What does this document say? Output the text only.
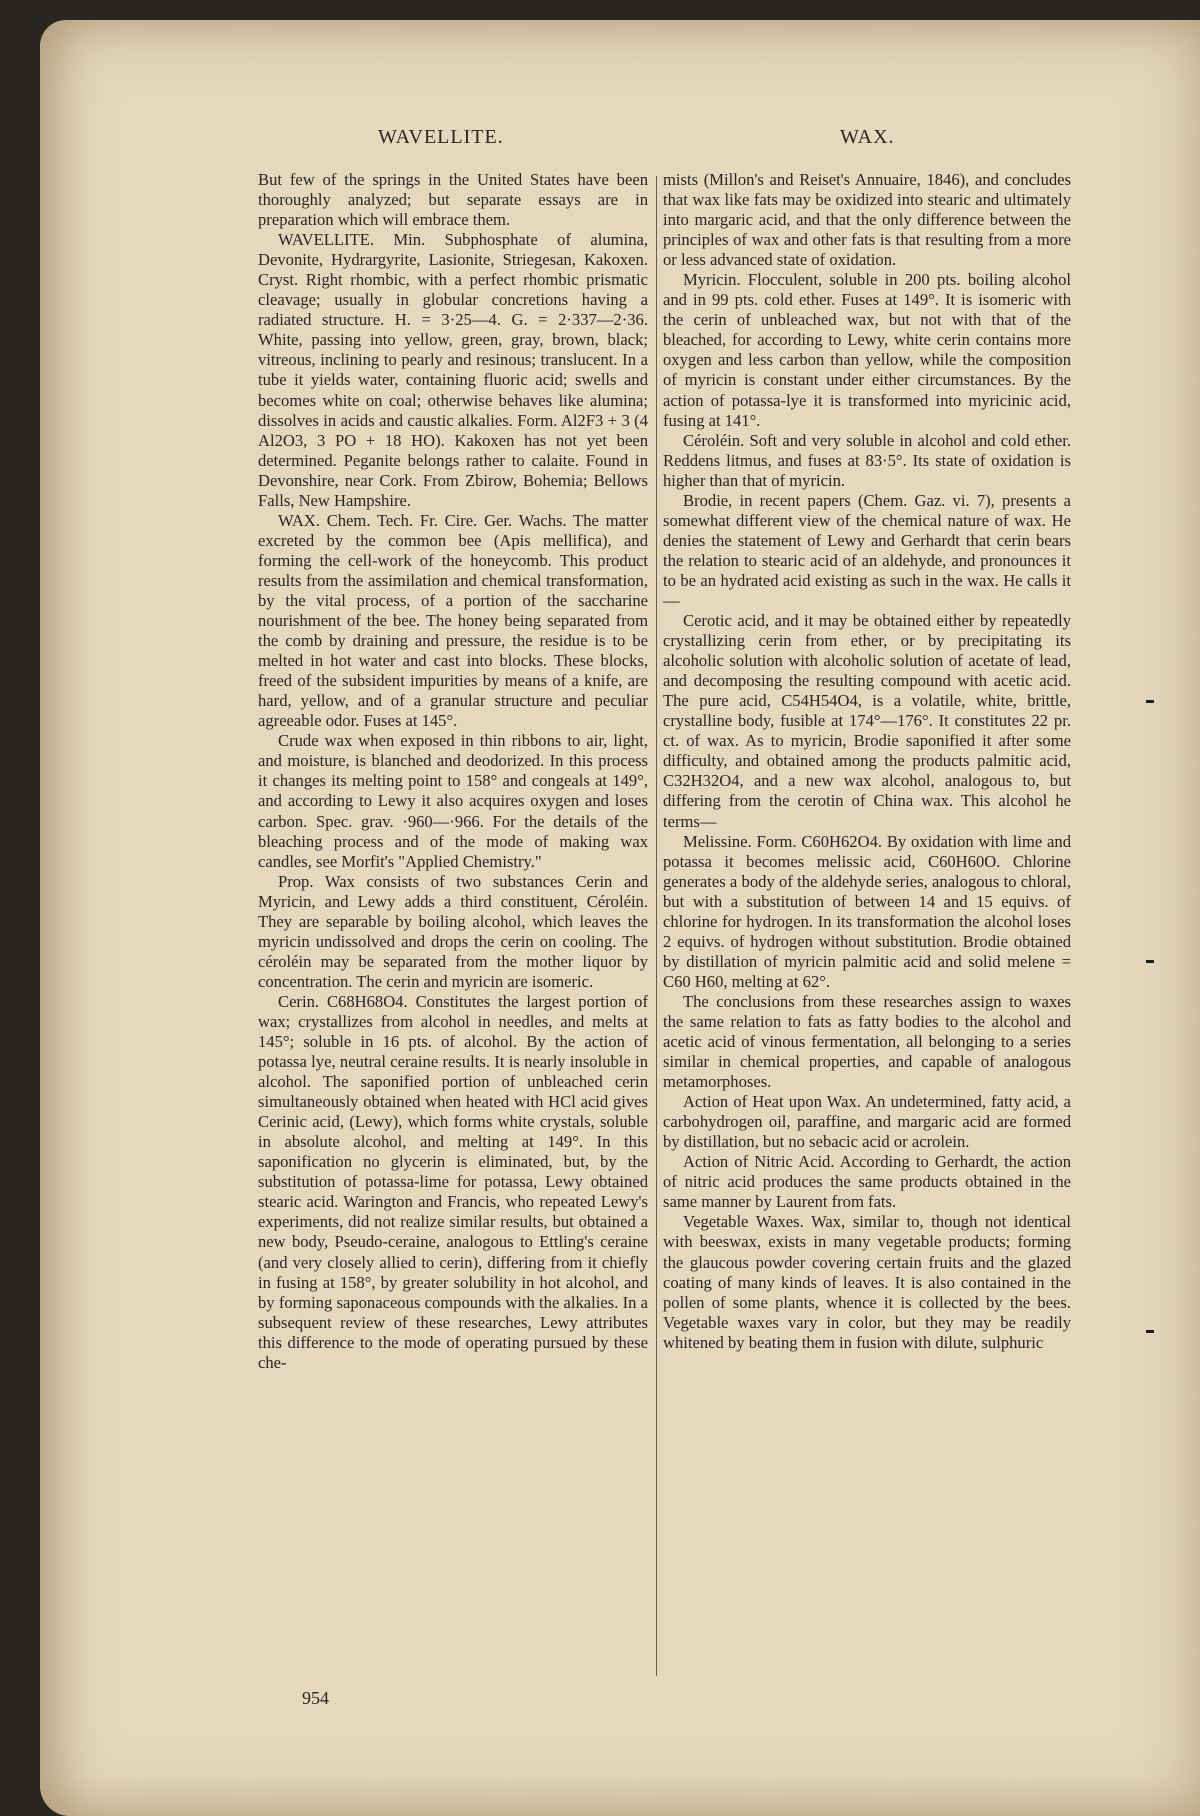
WAVELLITE.	WAX.

But few of the springs in the United States have been thoroughly analyzed; but separate essays are in preparation which will embrace them.

WAVELLITE. Min. Subphosphate of alumina, Devonite, Hydrargyrite, Lasionite, Striegesan, Kakoxen. Cryst. Right rhombic, with a perfect rhombic prismatic cleavage; usually in globular concretions having a radiated structure. H. = 3·25—4. G. = 2·337—2·36. White, passing into yellow, green, gray, brown, black; vitreous, inclining to pearly and resinous; translucent. In a tube it yields water, containing fluoric acid; swells and becomes white on coal; otherwise behaves like alumina; dissolves in acids and caustic alkalies. Form. Al2F3 + 3 (4 Al2O3, 3 PO + 18 HO). Kakoxen has not yet been determined. Peganite belongs rather to calaite. Found in Devonshire, near Cork. From Zbirow, Bohemia; Bellows Falls, New Hampshire.

WAX. Chem. Tech. Fr. Cire. Ger. Wachs. The matter excreted by the common bee (Apis mellifica), and forming the cell-work of the honeycomb. This product results from the assimilation and chemical transformation, by the vital process, of a portion of the saccharine nourishment of the bee. The honey being separated from the comb by draining and pressure, the residue is to be melted in hot water and cast into blocks. These blocks, freed of the subsident impurities by means of a knife, are hard, yellow, and of a granular structure and peculiar agreeable odor. Fuses at 145°.

Crude wax when exposed in thin ribbons to air, light, and moisture, is blanched and deodorized. In this process it changes its melting point to 158° and congeals at 149°, and according to Lewy it also acquires oxygen and loses carbon. Spec. grav. ·960—·966. For the details of the bleaching process and of the mode of making wax candles, see Morfit's "Applied Chemistry."

Prop. Wax consists of two substances Cerin and Myricin, and Lewy adds a third constituent, Céroléin. They are separable by boiling alcohol, which leaves the myricin undissolved and drops the cerin on cooling. The céroléin may be separated from the mother liquor by concentration. The cerin and myricin are isomeric.

Cerin. C68H68O4. Constitutes the largest portion of wax; crystallizes from alcohol in needles, and melts at 145°; soluble in 16 pts. of alcohol. By the action of potassa lye, neutral ceraine results. It is nearly insoluble in alcohol. The saponified portion of unbleached cerin simultaneously obtained when heated with HCl acid gives Cerinic acid, (Lewy), which forms white crystals, soluble in absolute alcohol, and melting at 149°. In this saponification no glycerin is eliminated, but, by the substitution of potassa-lime for potassa, Lewy obtained stearic acid. Warington and Francis, who repeated Lewy's experiments, did not realize similar results, but obtained a new body, Pseudo-ceraine, analogous to Ettling's ceraine (and very closely allied to cerin), differing from it chiefly in fusing at 158°, by greater solubility in hot alcohol, and by forming saponaceous compounds with the alkalies. In a subsequent review of these researches, Lewy attributes this difference to the mode of operating pursued by these che-

mists (Millon's and Reiset's Annuaire, 1846), and concludes that wax like fats may be oxidized into stearic and ultimately into margaric acid, and that the only difference between the principles of wax and other fats is that resulting from a more or less advanced state of oxidation.

Myricin. Flocculent, soluble in 200 pts. boiling alcohol and in 99 pts. cold ether. Fuses at 149°. It is isomeric with the cerin of unbleached wax, but not with that of the bleached, for according to Lewy, white cerin contains more oxygen and less carbon than yellow, while the composition of myricin is constant under either circumstances. By the action of potassa-lye it is transformed into myricinic acid, fusing at 141°.

Céroléin. Soft and very soluble in alcohol and cold ether. Reddens litmus, and fuses at 83·5°. Its state of oxidation is higher than that of myricin.

Brodie, in recent papers (Chem. Gaz. vi. 7), presents a somewhat different view of the chemical nature of wax. He denies the statement of Lewy and Gerhardt that cerin bears the relation to stearic acid of an aldehyde, and pronounces it to be an hydrated acid existing as such in the wax. He calls it—

Cerotic acid, and it may be obtained either by repeatedly crystallizing cerin from ether, or by precipitating its alcoholic solution with alcoholic solution of acetate of lead, and decomposing the resulting compound with acetic acid. The pure acid, C54H54O4, is a volatile, white, brittle, crystalline body, fusible at 174°—176°. It constitutes 22 pr. ct. of wax. As to myricin, Brodie saponified it after some difficulty, and obtained among the products palmitic acid, C32H32O4, and a new wax alcohol, analogous to, but differing from the cerotin of China wax. This alcohol he terms—

Melissine. Form. C60H62O4. By oxidation with lime and potassa it becomes melissic acid, C60H60O. Chlorine generates a body of the aldehyde series, analogous to chloral, but with a substitution of between 14 and 15 equivs. of chlorine for hydrogen. In its transformation the alcohol loses 2 equivs. of hydrogen without substitution. Brodie obtained by distillation of myricin palmitic acid and solid melene = C60 H60, melting at 62°.

The conclusions from these researches assign to waxes the same relation to fats as fatty bodies to the alcohol and acetic acid of vinous fermentation, all belonging to a series similar in chemical properties, and capable of analogous metamorphoses.

Action of Heat upon Wax. An undetermined, fatty acid, a carbohydrogen oil, paraffine, and margaric acid are formed by distillation, but no sebacic acid or acrolein.

Action of Nitric Acid. According to Gerhardt, the action of nitric acid produces the same products obtained in the same manner by Laurent from fats.

Vegetable Waxes. Wax, similar to, though not identical with beeswax, exists in many vegetable products; forming the glaucous powder covering certain fruits and the glazed coating of many kinds of leaves. It is also contained in the pollen of some plants, whence it is collected by the bees. Vegetable waxes vary in color, but they may be readily whitened by beating them in fusion with dilute, sulphuric

954
